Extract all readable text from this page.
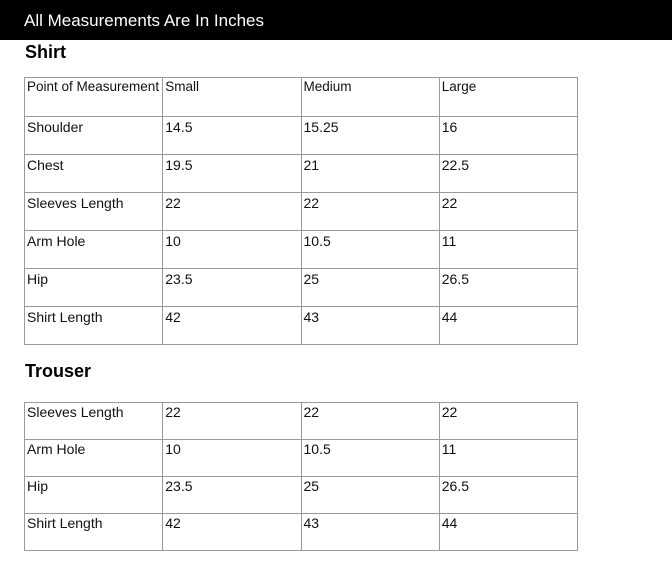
All Measurements Are In Inches
Shirt
Point of Measurement	Small	Medium	Large
Shoulder	14.5	15.25	16
Chest	19.5	21	22.5
Sleeves Length	22	22	22
Arm Hole	10	10.5	11
Hip	23.5	25	26.5
Shirt Length	42	43	44
Trouser
Sleeves Length	22	22	22
Arm Hole	10	10.5	11
Hip	23.5	25	26.5
Shirt Length	42	43	44
